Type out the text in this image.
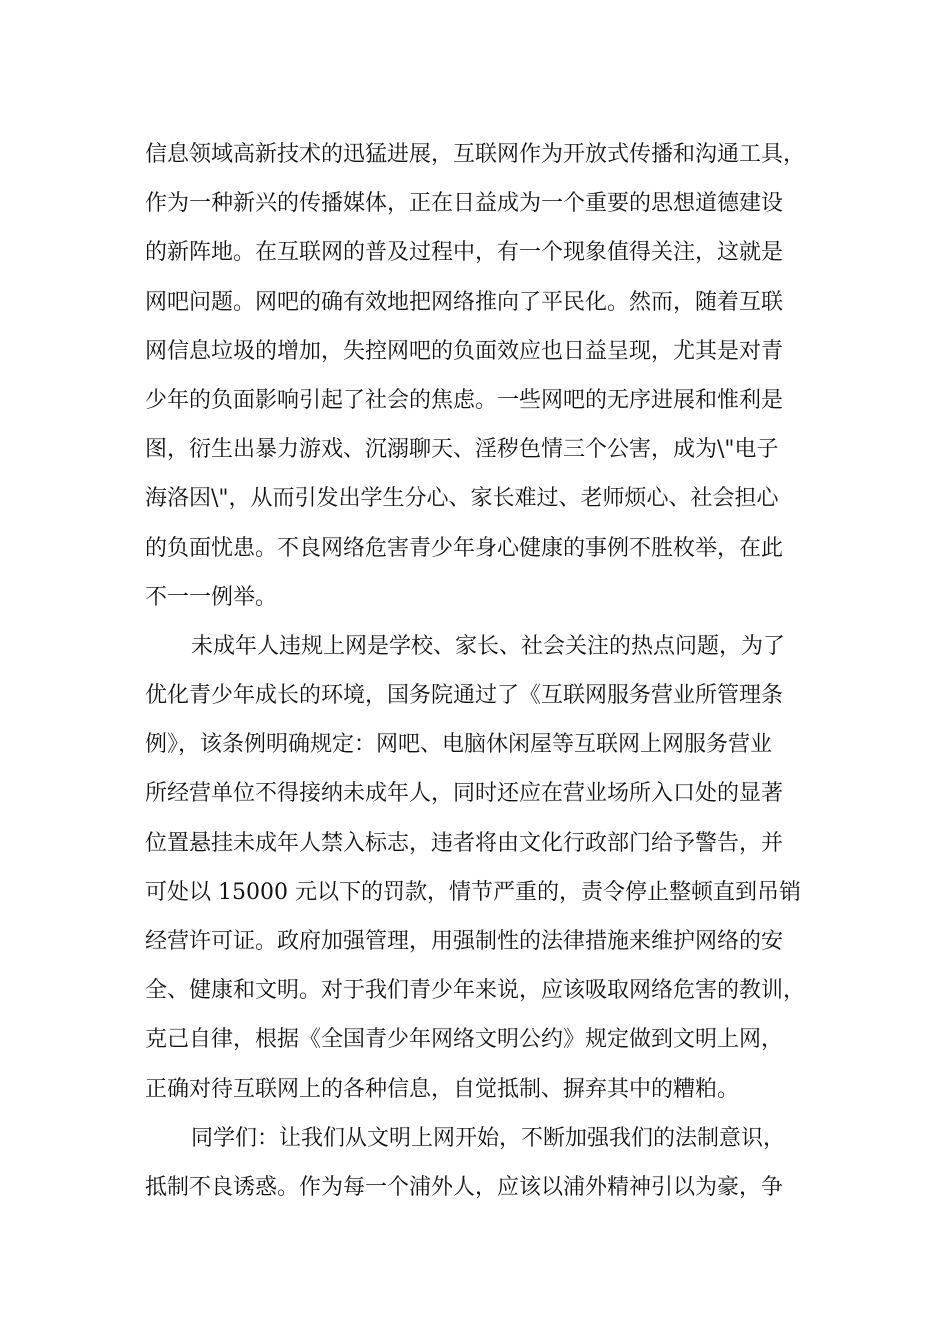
信息领域高新技术的迅猛进展，互联网作为开放式传播和沟通工具，
作为一种新兴的传播媒体，正在日益成为一个重要的思想道德建设
的新阵地。在互联网的普及过程中，有一个现象值得关注，这就是
网吧问题。网吧的确有效地把网络推向了平民化。然而，随着互联
网信息垃圾的增加，失控网吧的负面效应也日益呈现，尤其是对青
少年的负面影响引起了社会的焦虑。一些网吧的无序进展和惟利是
图，衍生出暴力游戏、沉溺聊天、淫秽色情三个公害，成为\"电子
海洛因\"，从而引发出学生分心、家长难过、老师烦心、社会担心
的负面忧患。不良网络危害青少年身心健康的事例不胜枚举，在此
不一一例举。
未成年人违规上网是学校、家长、社会关注的热点问题，为了
优化青少年成长的环境，国务院通过了《互联网服务营业所管理条
例》，该条例明确规定：网吧、电脑休闲屋等互联网上网服务营业
所经营单位不得接纳未成年人，同时还应在营业场所入口处的显著
位置悬挂未成年人禁入标志，违者将由文化行政部门给予警告，并
可处以 15000 元以下的罚款，情节严重的，责令停止整顿直到吊销
经营许可证。政府加强管理，用强制性的法律措施来维护网络的安
全、健康和文明。对于我们青少年来说，应该吸取网络危害的教训，
克己自律，根据《全国青少年网络文明公约》规定做到文明上网，
正确对待互联网上的各种信息，自觉抵制、摒弃其中的糟粕。
同学们：让我们从文明上网开始，不断加强我们的法制意识，
抵制不良诱惑。作为每一个浦外人，应该以浦外精神引以为豪，争
